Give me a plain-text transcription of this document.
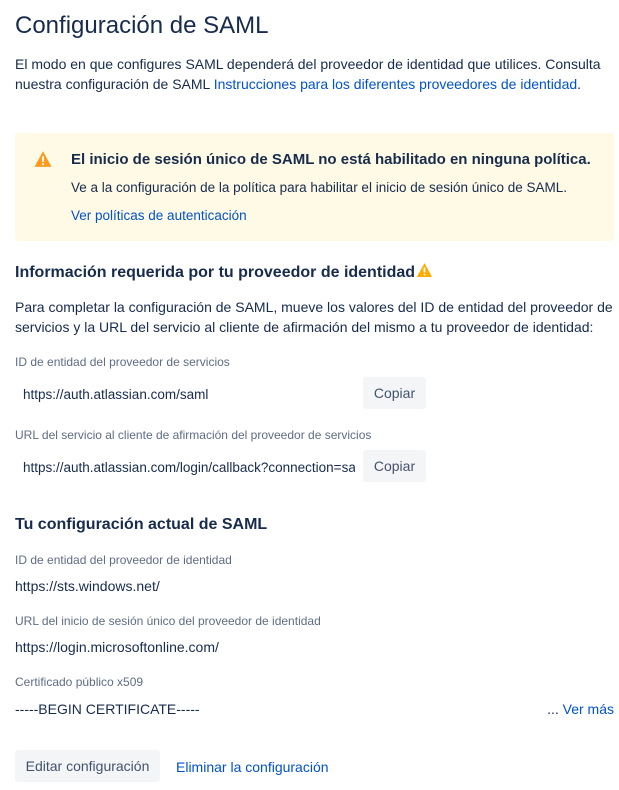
Configuración de SAML

El modo en que configures SAML dependerá del proveedor de identidad que utilices. Consulta nuestra configuración de SAML Instrucciones para los diferentes proveedores de identidad.

El inicio de sesión único de SAML no está habilitado en ninguna política.
Ve a la configuración de la política para habilitar el inicio de sesión único de SAML.
Ver políticas de autenticación
Información requerida por tu proveedor de identidad

Para completar la configuración de SAML, mueve los valores del ID de entidad del proveedor de servicios y la URL del servicio al cliente de afirmación del mismo a tu proveedor de identidad:

ID de entidad del proveedor de servicios
https://auth.atlassian.com/saml/
Copiar
URL del servicio al cliente de afirmación del proveedor de servicios
https://auth.atlassian.com/login/callback?connection=sa
Copiar
Tu configuración actual de SAML
ID de entidad del proveedor de identidad
https://sts.windows.net/
URL del inicio de sesión único del proveedor de identidad
https://login.microsoftonline.com/
Certificado público x509
-----BEGIN CERTIFICATE-----	... Ver más
Editar configuración	Eliminar la configuración
